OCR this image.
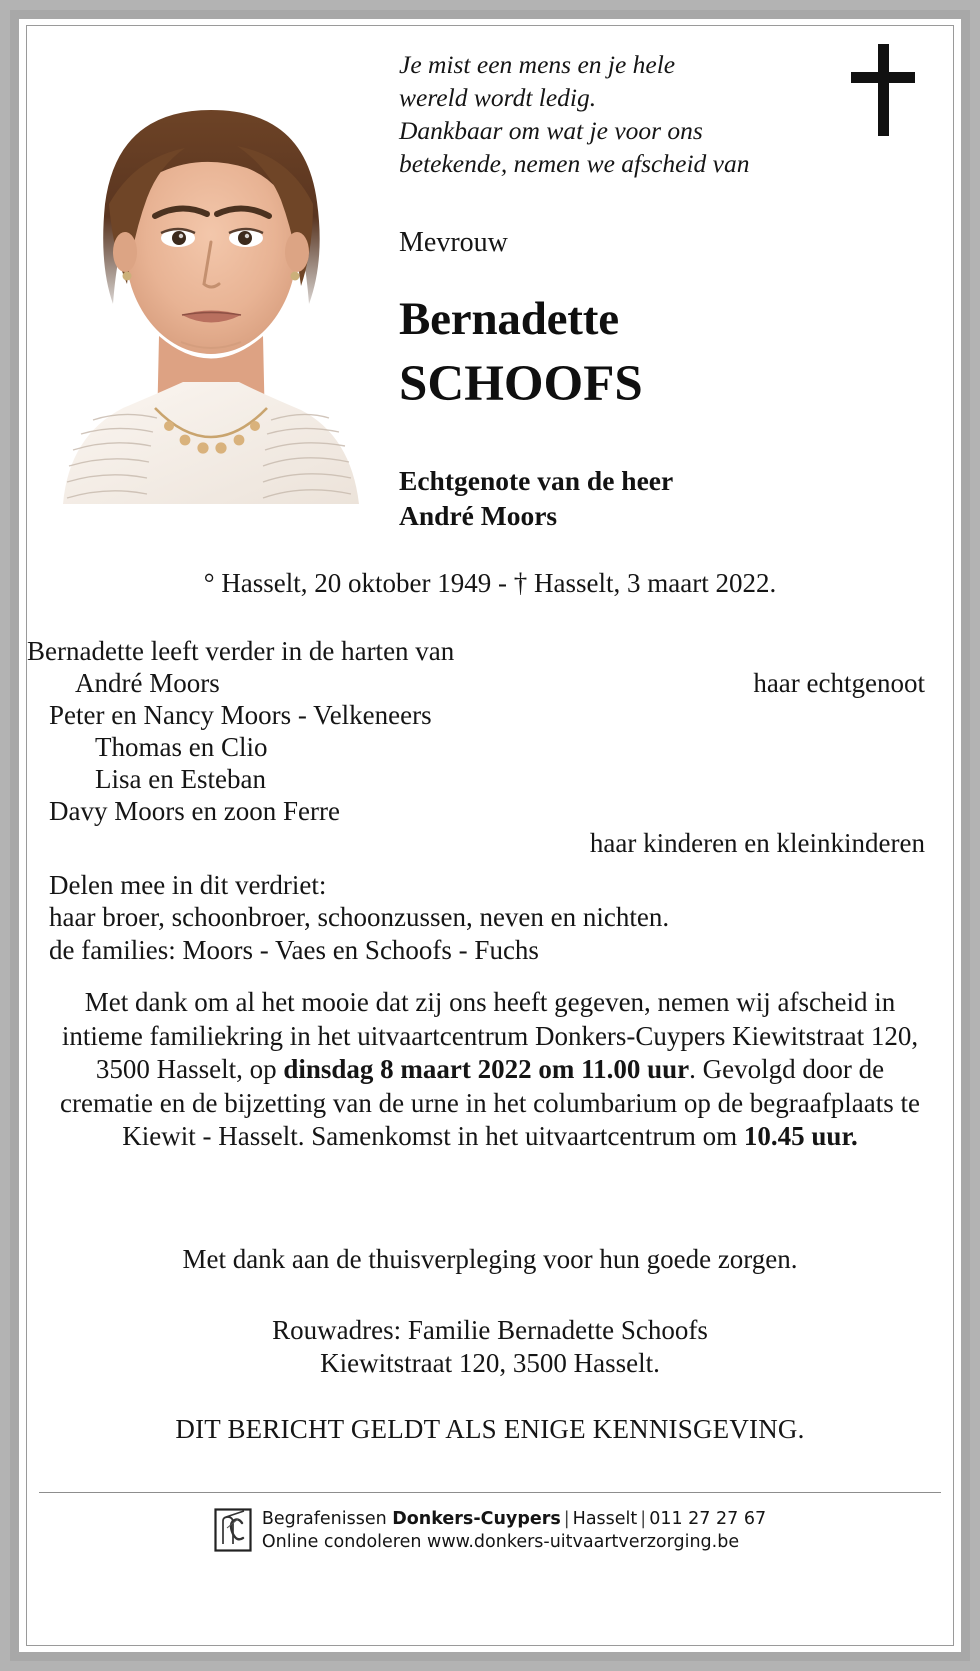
Je mist een mens en je hele
wereld wordt ledig.
Dankbaar om wat je voor ons
betekende, nemen we afscheid van
Mevrouw
Bernadette
SCHOOFS
Echtgenote van de heer
André Moors
° Hasselt, 20 oktober 1949 - † Hasselt, 3 maart 2022.
Bernadette leeft verder in de harten van
André Moors	haar echtgenoot
Peter en Nancy Moors - Velkeneers
Thomas en Clio
Lisa en Esteban
Davy Moors en zoon Ferre
haar kinderen en kleinkinderen
Delen mee in dit verdriet:
haar broer, schoonbroer, schoonzussen, neven en nichten.
de families: Moors - Vaes en Schoofs - Fuchs
Met dank om al het mooie dat zij ons heeft gegeven, nemen wij afscheid in intieme familiekring in het uitvaartcentrum Donkers-Cuypers Kiewitstraat 120, 3500 Hasselt, op dinsdag 8 maart 2022 om 11.00 uur. Gevolgd door de crematie en de bijzetting van de urne in het columbarium op de begraafplaats te Kiewit - Hasselt. Samenkomst in het uitvaartcentrum om 10.45 uur.
Met dank aan de thuisverpleging voor hun goede zorgen.
Rouwadres: Familie Bernadette Schoofs
Kiewitstraat 120, 3500 Hasselt.
DIT BERICHT GELDT ALS ENIGE KENNISGEVING.
Begrafenissen Donkers-Cuypers | Hasselt | 011 27 27 67
Online condoleren www.donkers-uitvaartverzorging.be
